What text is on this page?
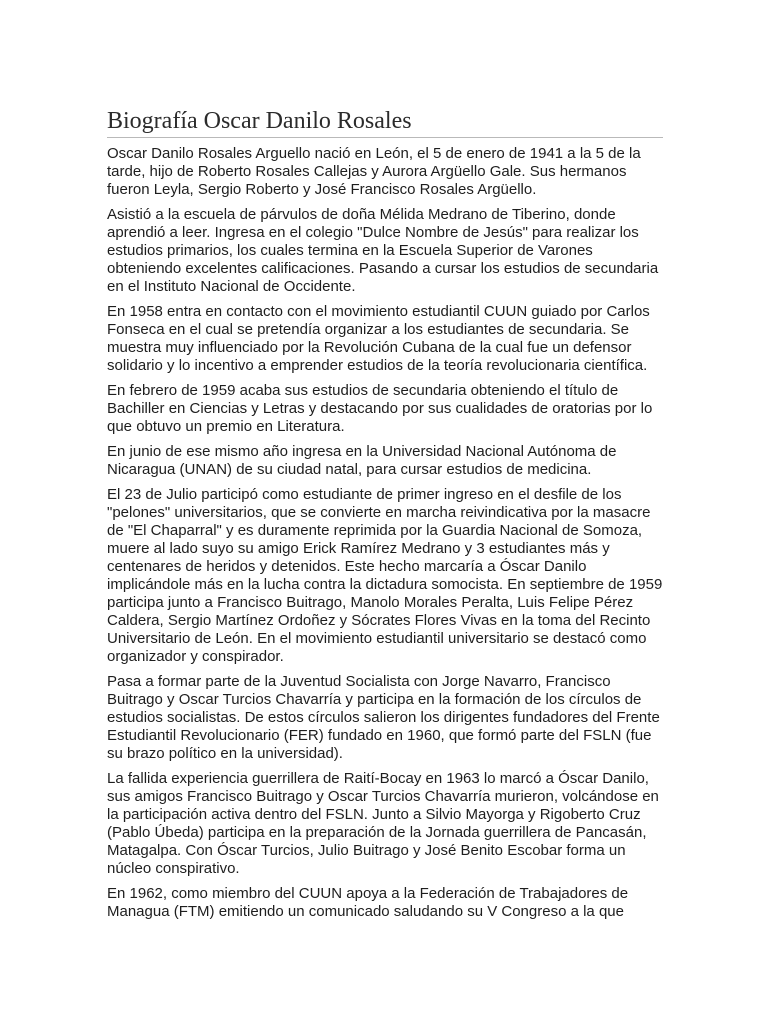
Biografía Oscar Danilo Rosales

Oscar Danilo Rosales Arguello nació en León, el 5 de enero de 1941 a la 5 de la tarde, hijo de Roberto Rosales Callejas y Aurora Argüello Gale. Sus hermanos fueron Leyla, Sergio Roberto y José Francisco Rosales Argüello.

Asistió a la escuela de párvulos de doña Mélida Medrano de Tiberino, donde aprendió a leer. Ingresa en el colegio "Dulce Nombre de Jesús" para realizar los estudios primarios, los cuales termina en la Escuela Superior de Varones obteniendo excelentes calificaciones. Pasando a cursar los estudios de secundaria en el Instituto Nacional de Occidente.

En 1958 entra en contacto con el movimiento estudiantil CUUN guiado por Carlos Fonseca en el cual se pretendía organizar a los estudiantes de secundaria. Se muestra muy influenciado por la Revolución Cubana de la cual fue un defensor solidario y lo incentivo a emprender estudios de la teoría revolucionaria científica.

En febrero de 1959 acaba sus estudios de secundaria obteniendo el título de Bachiller en Ciencias y Letras y destacando por sus cualidades de oratorias por lo que obtuvo un premio en Literatura.

En junio de ese mismo año ingresa en la Universidad Nacional Autónoma de Nicaragua (UNAN) de su ciudad natal, para cursar estudios de medicina.

El 23 de Julio participó como estudiante de primer ingreso en el desfile de los "pelones" universitarios, que se convierte en marcha reivindicativa por la masacre de "El Chaparral" y es duramente reprimida por la Guardia Nacional de Somoza, muere al lado suyo su amigo Erick Ramírez Medrano y 3 estudiantes más y centenares de heridos y detenidos. Este hecho marcaría a Óscar Danilo implicándole más en la lucha contra la dictadura somocista. En septiembre de 1959 participa junto a Francisco Buitrago, Manolo Morales Peralta, Luis Felipe Pérez Caldera, Sergio Martínez Ordoñez y Sócrates Flores Vivas en la toma del Recinto Universitario de León. En el movimiento estudiantil universitario se destacó como organizador y conspirador.

Pasa a formar parte de la Juventud Socialista con Jorge Navarro, Francisco Buitrago y Oscar Turcios Chavarría y participa en la formación de los círculos de estudios socialistas. De estos círculos salieron los dirigentes fundadores del Frente Estudiantil Revolucionario (FER) fundado en 1960, que formó parte del FSLN (fue su brazo político en la universidad).

La fallida experiencia guerrillera de Raití-Bocay en 1963 lo marcó a Óscar Danilo, sus amigos Francisco Buitrago y Oscar Turcios Chavarría murieron, volcándose en la participación activa dentro del FSLN. Junto a Silvio Mayorga y Rigoberto Cruz (Pablo Úbeda) participa en la preparación de la Jornada guerrillera de Pancasán, Matagalpa. Con Óscar Turcios, Julio Buitrago y José Benito Escobar forma un núcleo conspirativo.

En 1962, como miembro del CUUN apoya a la Federación de Trabajadores de Managua (FTM) emitiendo un comunicado saludando su V Congreso a la que
